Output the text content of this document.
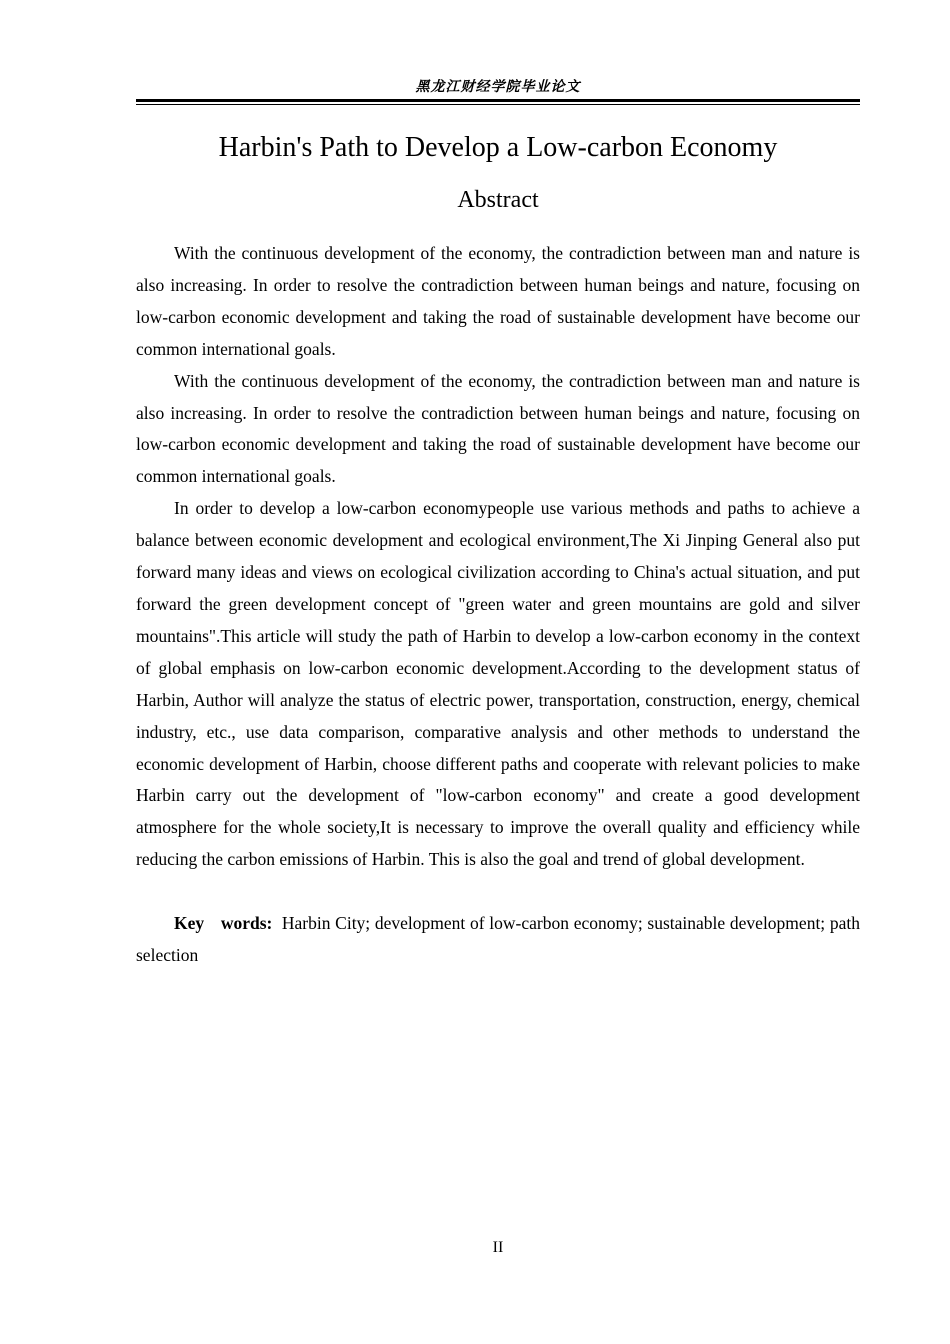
黑龙江财经学院毕业论文
Harbin's Path to Develop a Low-carbon Economy
Abstract

With the continuous development of the economy, the contradiction between man and nature is also increasing. In order to resolve the contradiction between human beings and nature, focusing on low-carbon economic development and taking the road of sustainable development have become our common international goals.

With the continuous development of the economy, the contradiction between man and nature is also increasing. In order to resolve the contradiction between human beings and nature, focusing on low-carbon economic development and taking the road of sustainable development have become our common international goals.

In order to develop a low-carbon economypeople use various methods and paths to achieve a balance between economic development and ecological environment,The Xi Jinping General also put forward many ideas and views on ecological civilization according to China's actual situation, and put forward the green development concept of "green water and green mountains are gold and silver mountains".This article will study the path of Harbin to develop a low-carbon economy in the context of global emphasis on low-carbon economic development.According to the development status of Harbin, Author will analyze the status of electric power, transportation, construction, energy, chemical industry, etc., use data comparison, comparative analysis and other methods to understand the economic development of Harbin, choose different paths and cooperate with relevant policies to make Harbin carry out the development of "low-carbon economy" and create a good development atmosphere for the whole society,It is necessary to improve the overall quality and efficiency while reducing the carbon emissions of Harbin. This is also the goal and trend of global development.

Key words: Harbin City; development of low-carbon economy; sustainable development; path selection

II
